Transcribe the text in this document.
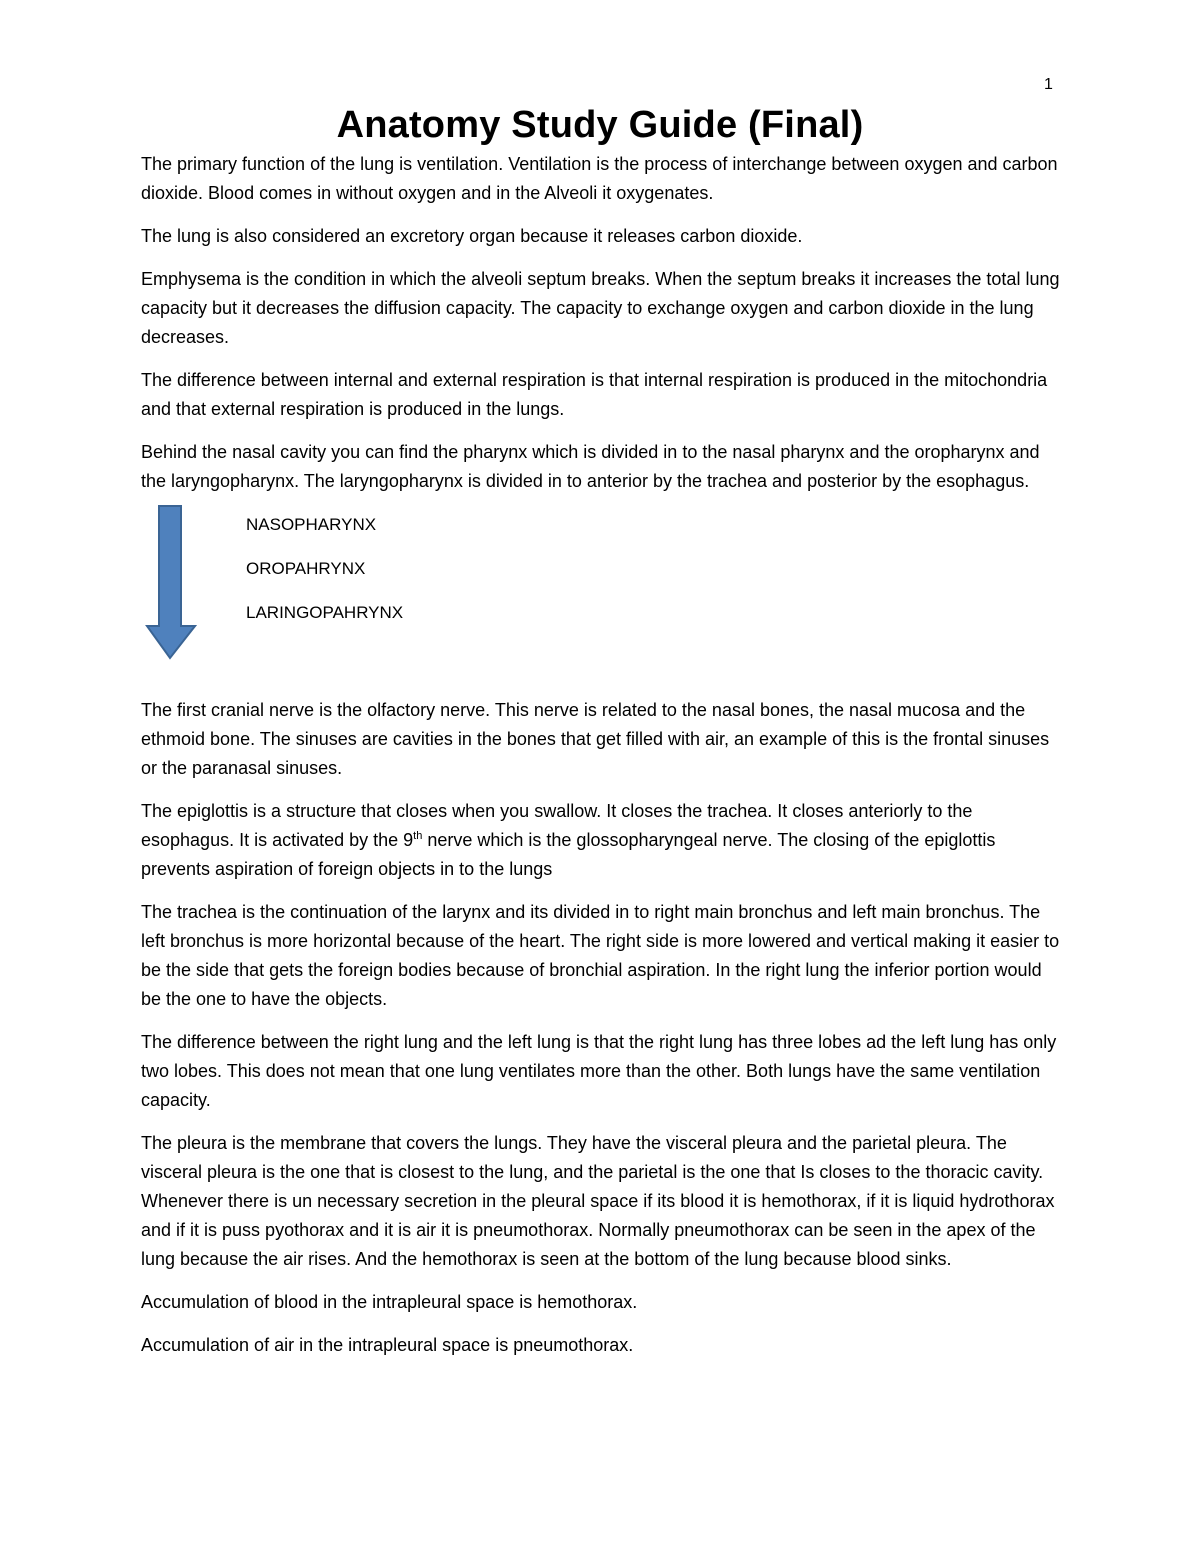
1
Anatomy Study Guide (Final)

The primary function of the lung is ventilation. Ventilation is the process of interchange between oxygen and carbon dioxide. Blood comes in without oxygen and in the Alveoli it oxygenates.

The lung is also considered an excretory organ because it releases carbon dioxide.

Emphysema is the condition in which the alveoli septum breaks. When the septum breaks it increases the total lung capacity but it decreases the diffusion capacity. The capacity to exchange oxygen and carbon dioxide in the lung decreases.

The difference between internal and external respiration is that internal respiration is produced in the mitochondria and that external respiration is produced in the lungs.

Behind the nasal cavity you can find the pharynx which is divided in to the nasal pharynx and the oropharynx and the laryngopharynx. The laryngopharynx is divided in to anterior by the trachea and posterior by the esophagus.

NASOPHARYNX
OROPAHRYNX
LARINGOPAHRYNX

The first cranial nerve is the olfactory nerve. This nerve is related to the nasal bones, the nasal mucosa and the ethmoid bone. The sinuses are cavities in the bones that get filled with air, an example of this is the frontal sinuses or the paranasal sinuses.

The epiglottis is a structure that closes when you swallow. It closes the trachea. It closes anteriorly to the esophagus. It is activated by the 9th nerve which is the glossopharyngeal nerve. The closing of the epiglottis prevents aspiration of foreign objects in to the lungs

The trachea is the continuation of the larynx and its divided in to right main bronchus and left main bronchus. The left bronchus is more horizontal because of the heart. The right side is more lowered and vertical making it easier to be the side that gets the foreign bodies because of bronchial aspiration. In the right lung the inferior portion would be the one to have the objects.

The difference between the right lung and the left lung is that the right lung has three lobes ad the left lung has only two lobes. This does not mean that one lung ventilates more than the other. Both lungs have the same ventilation capacity.

The pleura is the membrane that covers the lungs. They have the visceral pleura and the parietal pleura. The visceral pleura is the one that is closest to the lung, and the parietal is the one that Is closes to the thoracic cavity. Whenever there is un necessary secretion in the pleural space if its blood it is hemothorax, if it is liquid hydrothorax and if it is puss pyothorax and it is air it is pneumothorax. Normally pneumothorax can be seen in the apex of the lung because the air rises. And the hemothorax is seen at the bottom of the lung because blood sinks.

Accumulation of blood in the intrapleural space is hemothorax.

Accumulation of air in the intrapleural space is pneumothorax.
